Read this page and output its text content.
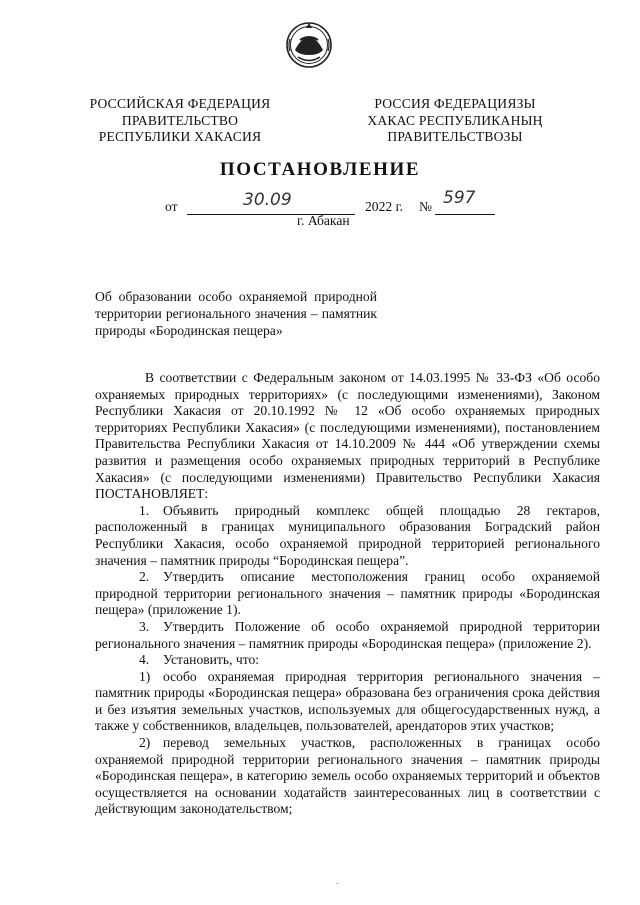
РОССИЙСКАЯ ФЕДЕРАЦИЯ
ПРАВИТЕЛЬСТВО
РЕСПУБЛИКИ ХАКАСИЯ
РОССИЯ ФЕДЕРАЦИЯЗЫ
ХАКАС РЕСПУБЛИКАНЫҢ
ПРАВИТЕЛЬСТВОЗЫ
ПОСТАНОВЛЕНИЕ
от	30.09	2022 г. № 597
г. Абакан
Об образовании особо охраняемой природной территории регионального значения – памятник природы «Бородинская пещера»

В соответствии с Федеральным законом от 14.03.1995 № 33-ФЗ «Об особо охраняемых природных территориях» (с последующими изменениями), Законом Республики Хакасия от 20.10.1992 № 12 «Об особо охраняемых природных территориях Республики Хакасия» (с последующими изменениями), постановлением Правительства Республики Хакасия от 14.10.2009 № 444 «Об утверждении схемы развития и размещения особо охраняемых природных территорий в Республике Хакасия» (с последующими изменениями) Правительство Республики Хакасия ПОСТАНОВЛЯЕТ:

1. Объявить природный комплекс общей площадью 28 гектаров, расположенный в границах муниципального образования Боградский район Республики Хакасия, особо охраняемой природной территорией регионального значения – памятник природы “Бородинская пещера”.

2. Утвердить описание местоположения границ особо охраняемой природной территории регионального значения – памятник природы «Бородинская пещера» (приложение 1).

3. Утвердить Положение об особо охраняемой природной территории регионального значения – памятник природы «Бородинская пещера» (приложение 2).

4. Установить, что:

1) особо охраняемая природная территория регионального значения – памятник природы «Бородинская пещера» образована без ограничения срока действия и без изъятия земельных участков, используемых для общегосударственных нужд, а также у собственников, владельцев, пользователей, арендаторов этих участков;

2) перевод земельных участков, расположенных в границах особо охраняемой природной территории регионального значения – памятник природы «Бородинская пещера», в категорию земель особо охраняемых территорий и объектов осуществляется на основании ходатайств заинтересованных лиц в соответствии с действующим законодательством;

.
